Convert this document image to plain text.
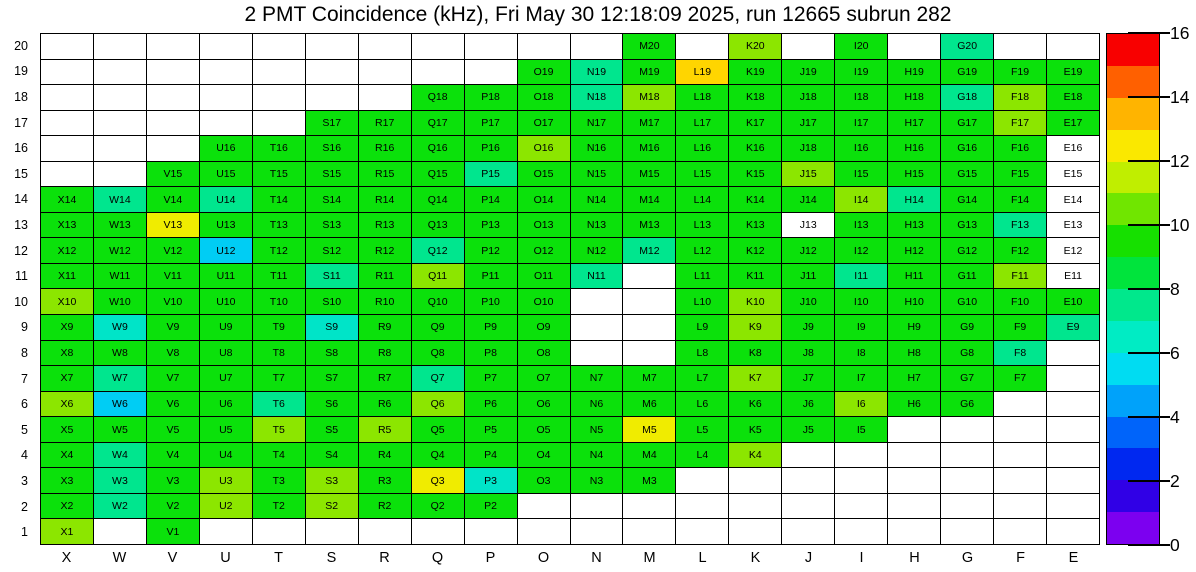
2 PMT Coincidence (kHz), Fri May 30 12:18:09 2025, run 12665 subrun 282
20
19
18
17
16
15
14
13
12
11
10
9
8
7
6
5
4
3
2
1
M20	K20	I20	G20
O19	N19	M19	L19	K19	J19	I19	H19	G19	F19	E19
Q18	P18	O18	N18	M18	L18	K18	J18	I18	H18	G18	F18	E18
S17	R17	Q17	P17	O17	N17	M17	L17	K17	J17	I17	H17	G17	F17	E17
U16	T16	S16	R16	Q16	P16	O16	N16	M16	L16	K16	J18	I16	H16	G16	F16	E16
V15	U15	T15	S15	R15	Q15	P15	O15	N15	M15	L15	K15	J15	I15	H15	G15	F15	E15
X14	W14	V14	U14	T14	S14	R14	Q14	P14	O14	N14	M14	L14	K14	J14	I14	H14	G14	F14	E14
X13	W13	V13	U13	T13	S13	R13	Q13	P13	O13	N13	M13	L13	K13	J13	I13	H13	G13	F13	E13
X12	W12	V12	U12	T12	S12	R12	Q12	P12	O12	N12	M12	L12	K12	J12	I12	H12	G12	F12	E12
X11	W11	V11	U11	T11	S11	R11	Q11	P11	O11	N11	L11	K11	J11	I11	H11	G11	F11	E11
X10	W10	V10	U10	T10	S10	R10	Q10	P10	O10	L10	K10	J10	I10	H10	G10	F10	E10
X9	W9	V9	U9	T9	S9	R9	Q9	P9	O9	L9	K9	J9	I9	H9	G9	F9	E9
X8	W8	V8	U8	T8	S8	R8	Q8	P8	O8	L8	K8	J8	I8	H8	G8	F8
X7	W7	V7	U7	T7	S7	R7	Q7	P7	O7	N7	M7	L7	K7	J7	I7	H7	G7	F7
X6	W6	V6	U6	T6	S6	R6	Q6	P6	O6	N6	M6	L6	K6	J6	I6	H6	G6
X5	W5	V5	U5	T5	S5	R5	Q5	P5	O5	N5	M5	L5	K5	J5	I5
X4	W4	V4	U4	T4	S4	R4	Q4	P4	O4	N4	M4	L4	K4
X3	W3	V3	U3	T3	S3	R3	Q3	P3	O3	N3	M3
X2	W2	V2	U2	T2	S2	R2	Q2	P2
X1	V1
X	W	V	U	T	S	R	Q	P	O	N	M	L	K	J	I	H	G	F	E
0
2
4
6
8
10
12
14
16
